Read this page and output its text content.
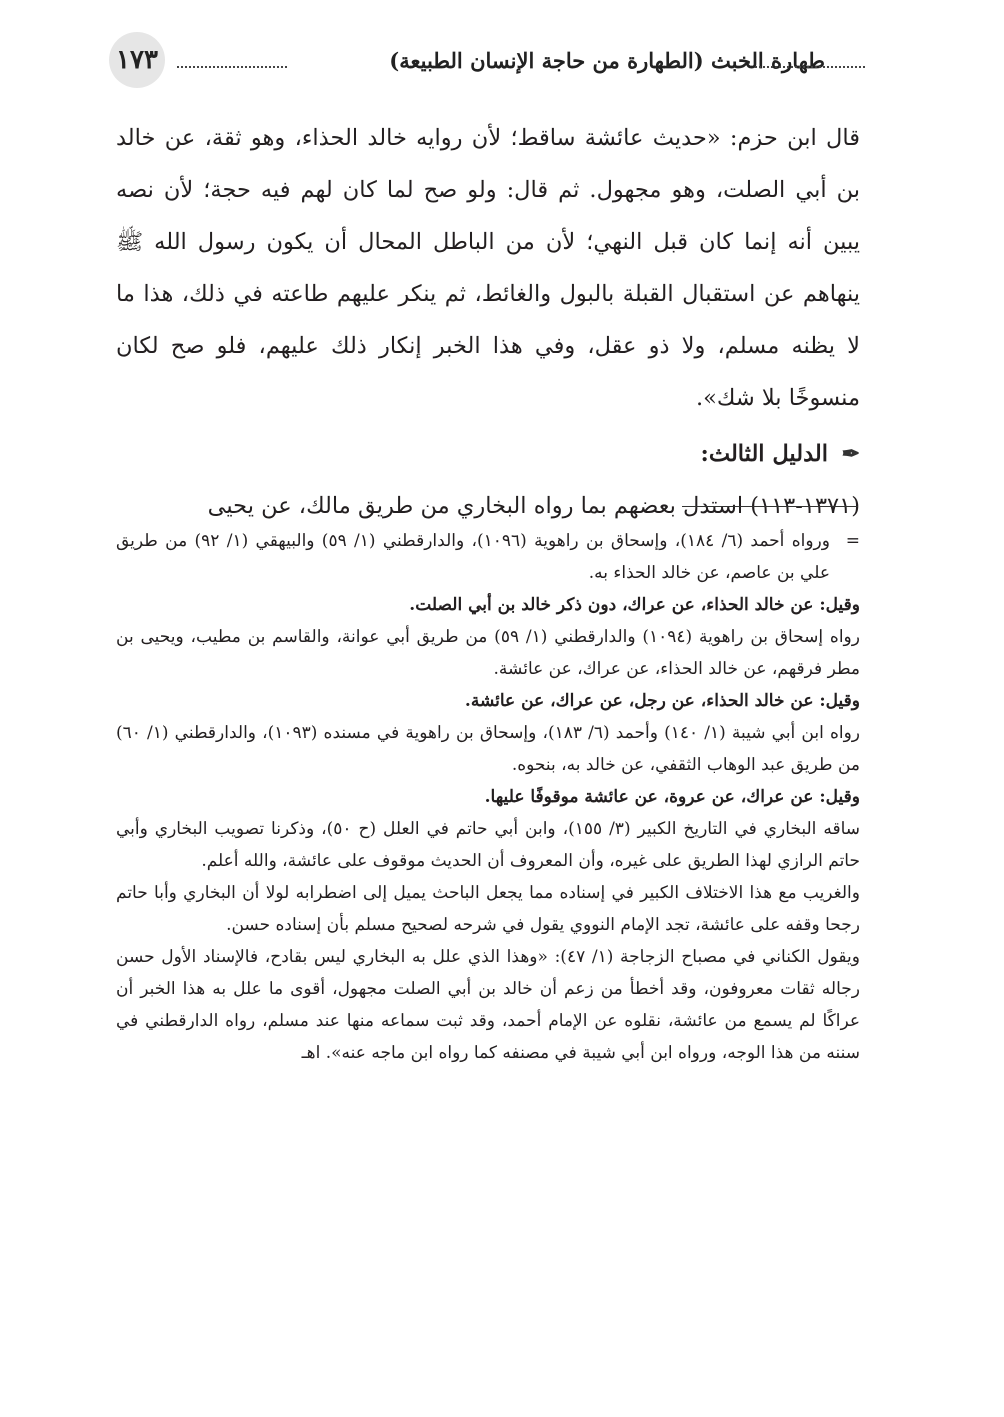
١٧٣	طهارة الخبث (الطهارة من حاجة الإنسان الطبيعة)

قال ابن حزم: «حديث عائشة ساقط؛ لأن روايه خالد الحذاء، وهو ثقة، عن خالد بن أبي الصلت، وهو مجهول. ثم قال: ولو صح لما كان لهم فيه حجة؛ لأن نصه يبين أنه إنما كان قبل النهي؛ لأن من الباطل المحال أن يكون رسول الله ﷺ ينهاهم عن استقبال القبلة بالبول والغائط، ثم ينكر عليهم طاعته في ذلك، هذا ما لا يظنه مسلم، ولا ذو عقل، وفي هذا الخبر إنكار ذلك عليهم، فلو صح لكان منسوخًا بلا شك».

✒الدليل الثالث:

(١٣٧١-١١٣) استدل بعضهم بما رواه البخاري من طريق مالك، عن يحيى

=

ورواه أحمد (٦/ ١٨٤)، وإسحاق بن راهوية (١٠٩٦)، والدارقطني (١/ ٥٩) والبيهقي (١/ ٩٢) من طريق علي بن عاصم، عن خالد الحذاء به.

وقيل: عن خالد الحذاء، عن عراك، دون ذكر خالد بن أبي الصلت.

رواه إسحاق بن راهوية (١٠٩٤) والدارقطني (١/ ٥٩) من طريق أبي عوانة، والقاسم بن مطيب، ويحيى بن مطر فرقهم، عن خالد الحذاء، عن عراك، عن عائشة.

وقيل: عن خالد الحذاء، عن رجل، عن عراك، عن عائشة.

رواه ابن أبي شيبة (١/ ١٤٠) وأحمد (٦/ ١٨٣)، وإسحاق بن راهوية في مسنده (١٠٩٣)، والدارقطني (١/ ٦٠) من طريق عبد الوهاب الثقفي، عن خالد به، بنحوه.

وقيل: عن عراك، عن عروة، عن عائشة موقوفًا عليها.

ساقه البخاري في التاريخ الكبير (٣/ ١٥٥)، وابن أبي حاتم في العلل (ح ٥٠)، وذكرنا تصويب البخاري وأبي حاتم الرازي لهذا الطريق على غيره، وأن المعروف أن الحديث موقوف على عائشة، والله أعلم.

والغريب مع هذا الاختلاف الكبير في إسناده مما يجعل الباحث يميل إلى اضطرابه لولا أن البخاري وأبا حاتم رجحا وقفه على عائشة، تجد الإمام النووي يقول في شرحه لصحيح مسلم بأن إسناده حسن.

ويقول الكناني في مصباح الزجاجة (١/ ٤٧): «وهذا الذي علل به البخاري ليس بقادح، فالإسناد الأول حسن رجاله ثقات معروفون، وقد أخطأ من زعم أن خالد بن أبي الصلت مجهول، أقوى ما علل به هذا الخبر أن عراكًا لم يسمع من عائشة، نقلوه عن الإمام أحمد، وقد ثبت سماعه منها عند مسلم، رواه الدارقطني في سننه من هذا الوجه، ورواه ابن أبي شيبة في مصنفه كما رواه ابن ماجه عنه». اهـ
